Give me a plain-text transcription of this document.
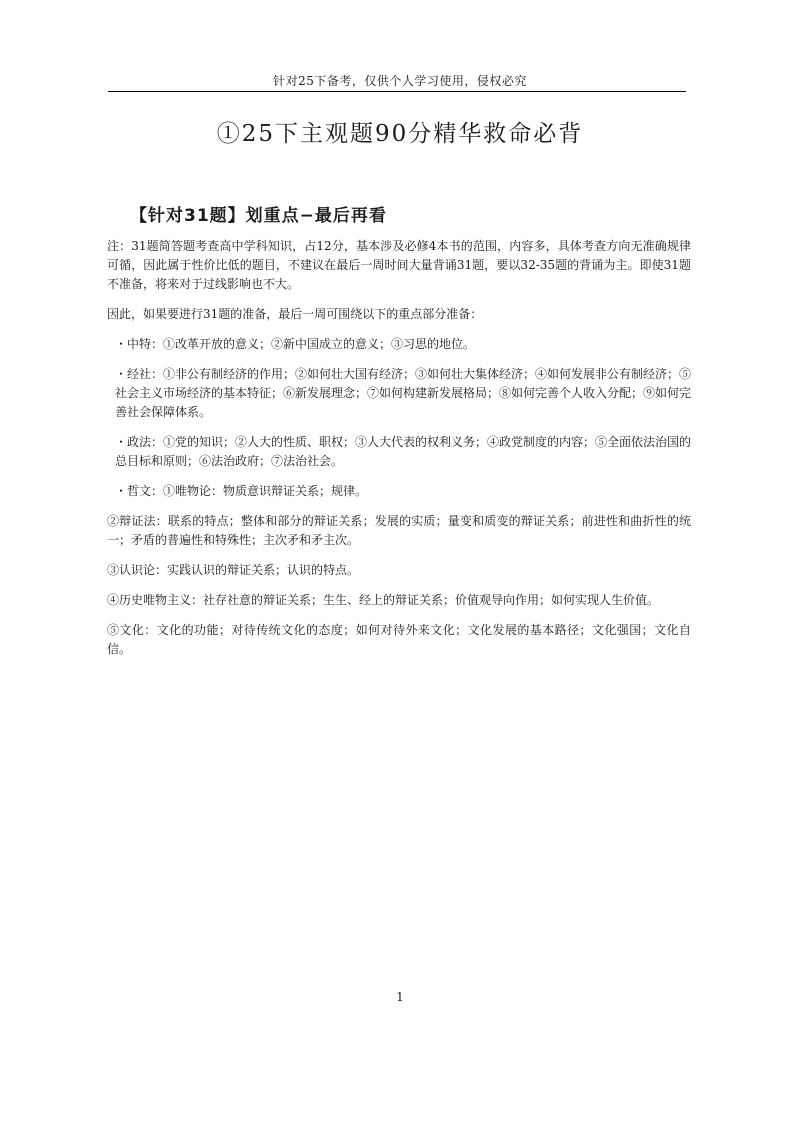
针对25下备考，仅供个人学习使用，侵权必究
①25下主观题90分精华救命必背
【针对31题】划重点−最后再看

注：31题简答题考查高中学科知识，占12分，基本涉及必修4本书的范围，内容多，具体考查方向无准确规律可循，因此属于性价比低的题目，不建议在最后一周时间大量背诵31题，要以32-35题的背诵为主。即使31题不准备，将来对于过线影响也不大。

因此，如果要进行31题的准备，最后一周可围绕以下的重点部分准备：

・中特：①改革开放的意义；②新中国成立的意义；③习思的地位。

・经社：①非公有制经济的作用；②如何壮大国有经济；③如何壮大集体经济；④如何发展非公有制经济；⑤社会主义市场经济的基本特征；⑥新发展理念；⑦如何构建新发展格局；⑧如何完善个人收入分配；⑨如何完善社会保障体系。

・政法：①党的知识；②人大的性质、职权；③人大代表的权利义务；④政党制度的内容；⑤全面依法治国的总目标和原则；⑥法治政府；⑦法治社会。

・哲文：①唯物论：物质意识辩证关系；规律。

②辩证法：联系的特点；整体和部分的辩证关系；发展的实质；量变和质变的辩证关系；前进性和曲折性的统一；矛盾的普遍性和特殊性；主次矛和矛主次。

③认识论：实践认识的辩证关系；认识的特点。

④历史唯物主义：社存社意的辩证关系；生生、经上的辩证关系；价值观导向作用；如何实现人生价值。

⑤文化：文化的功能；对待传统文化的态度；如何对待外来文化；文化发展的基本路径；文化强国；文化自信。

1
